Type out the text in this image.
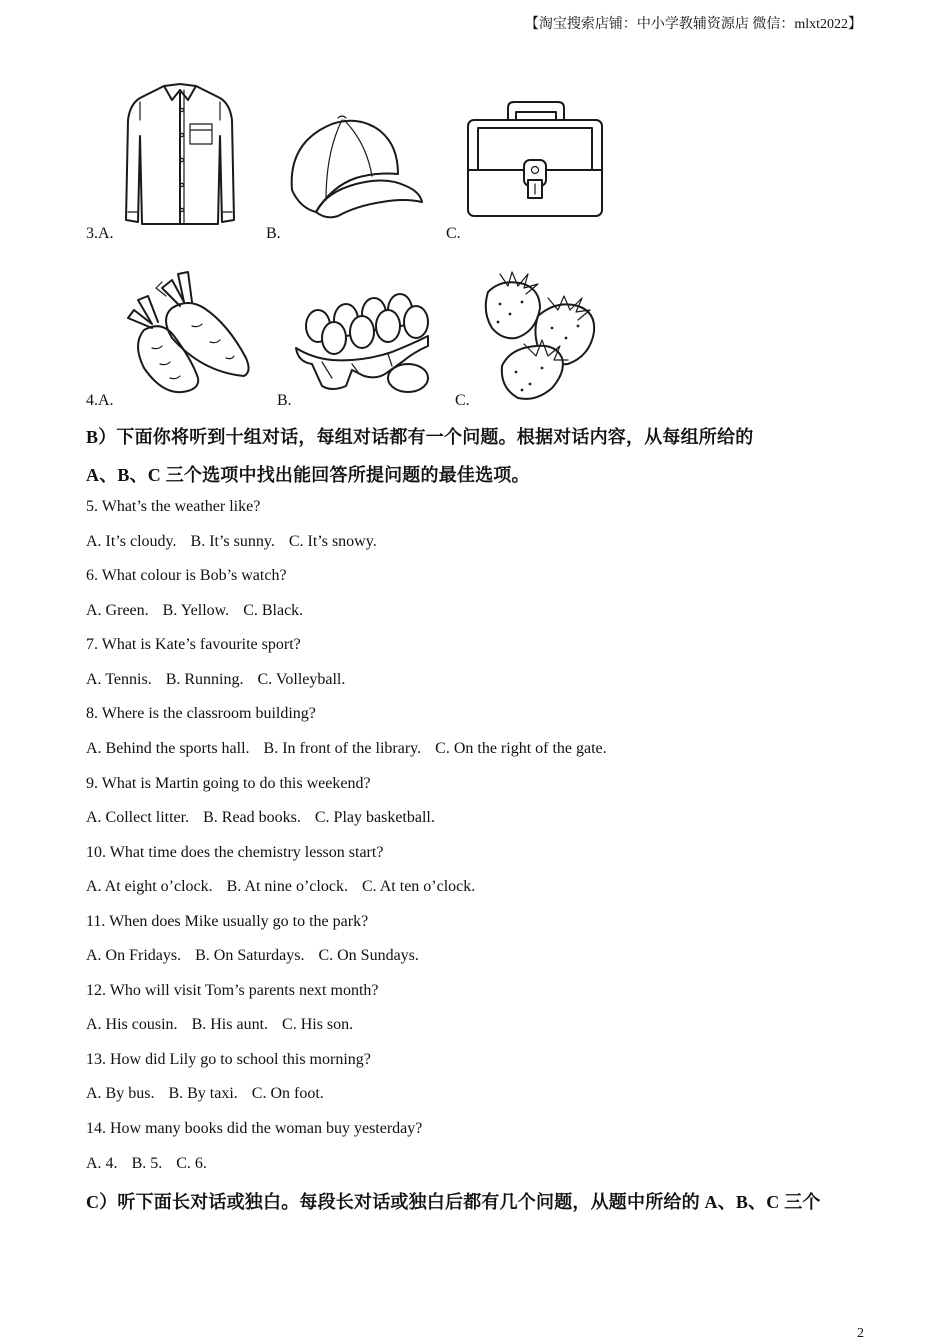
【淘宝搜索店铺：中小学教辅资源店 微信：mlxt2022】
3.A.	B.	C.
4.A.	B.	C.
B）下面你将听到十组对话，每组对话都有一个问题。根据对话内容，从每组所给的
A、B、C 三个选项中找出能回答所提问题的最佳选项。
5. What’s the weather like?
A. It’s cloudy. B. It’s sunny. C. It’s snowy.
6. What colour is Bob’s watch?
A. Green. B. Yellow. C. Black.
7. What is Kate’s favourite sport?
A. Tennis. B. Running. C. Volleyball.
8. Where is the classroom building?
A. Behind the sports hall. B. In front of the library. C. On the right of the gate.
9. What is Martin going to do this weekend?
A. Collect litter. B. Read books. C. Play basketball.
10. What time does the chemistry lesson start?
A. At eight o’clock. B. At nine o’clock. C. At ten o’clock.
11. When does Mike usually go to the park?
A. On Fridays. B. On Saturdays. C. On Sundays.
12. Who will visit Tom’s parents next month?
A. His cousin. B. His aunt. C. His son.
13. How did Lily go to school this morning?
A. By bus. B. By taxi. C. On foot.
14. How many books did the woman buy yesterday?
A. 4. B. 5. C. 6.
C）听下面长对话或独白。每段长对话或独白后都有几个问题，从题中所给的 A、B、C 三个
2
